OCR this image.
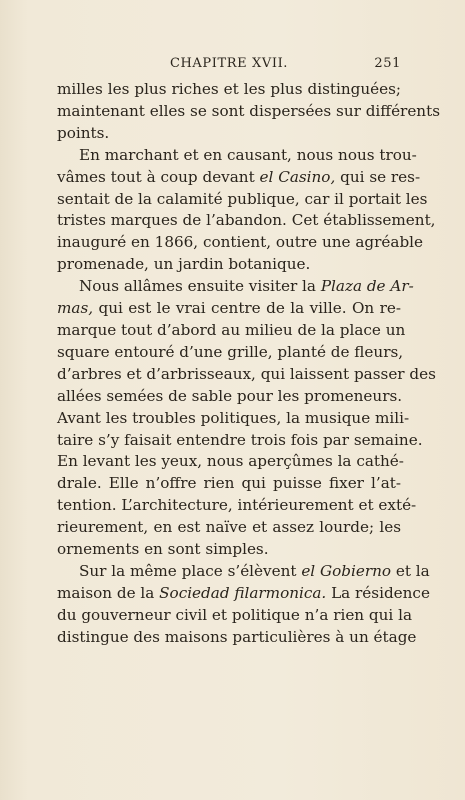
CHAPITRE XVII.	251
milles les plus riches et les plus distinguées;
maintenant elles se sont dispersées sur différents
points.
En marchant et en causant, nous nous trou-
vâmes tout à coup devant el Casino, qui se res-
sentait de la calamité publique, car il portait les
tristes marques de l’abandon. Cet établissement,
inauguré en 1866, contient, outre une agréable
promenade, un jardin botanique.
Nous allâmes ensuite visiter la Plaza de Ar-
mas, qui est le vrai centre de la ville. On re-
marque tout d’abord au milieu de la place un
square entouré d’une grille, planté de fleurs,
d’arbres et d’arbrisseaux, qui laissent passer des
allées semées de sable pour les promeneurs.
Avant les troubles politiques, la musique mili-
taire s’y faisait entendre trois fois par semaine.
En levant les yeux, nous aperçûmes la cathé-
drale. Elle n’offre rien qui puisse fixer l’at-
tention. L’architecture, intérieurement et exté-
rieurement, en est naïve et assez lourde; les
ornements en sont simples.
Sur la même place s’élèvent el Gobierno et la
maison de la Sociedad filarmonica. La résidence
du gouverneur civil et politique n’a rien qui la
distingue des maisons particulières à un étage
